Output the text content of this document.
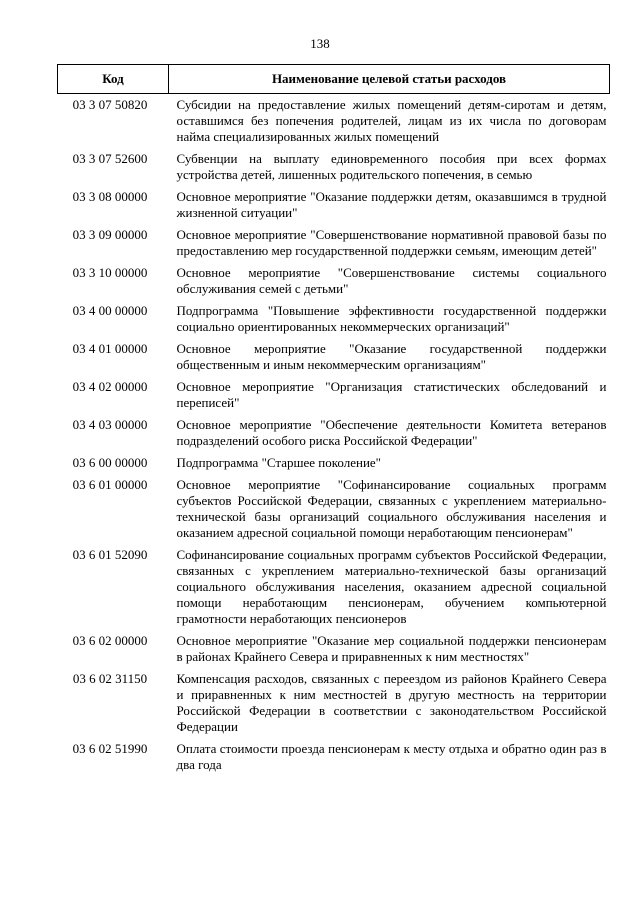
138
Код	Наименование целевой статьи расходов
03 3 07 50820	Субсидии на предоставление жилых помещений детям-сиротам и детям, оставшимся без попечения родителей, лицам из их числа по договорам найма специализированных жилых помещений
03 3 07 52600	Субвенции на выплату единовременного пособия при всех формах устройства детей, лишенных родительского попечения, в семью
03 3 08 00000	Основное мероприятие "Оказание поддержки детям, оказавшимся в трудной жизненной ситуации"
03 3 09 00000	Основное мероприятие "Совершенствование нормативной правовой базы по предоставлению мер государственной поддержки семьям, имеющим детей"
03 3 10 00000	Основное мероприятие "Совершенствование системы социального обслуживания семей с детьми"
03 4 00 00000	Подпрограмма "Повышение эффективности государственной поддержки социально ориентированных некоммерческих организаций"
03 4 01 00000	Основное мероприятие "Оказание государственной поддержки общественным и иным некоммерческим организациям"
03 4 02 00000	Основное мероприятие "Организация статистических обследований и переписей"
03 4 03 00000	Основное мероприятие "Обеспечение деятельности Комитета ветеранов подразделений особого риска Российской Федерации"
03 6 00 00000	Подпрограмма "Старшее поколение"
03 6 01 00000	Основное мероприятие "Софинансирование социальных программ субъектов Российской Федерации, связанных с укреплением материально-технической базы организаций социального обслуживания населения и оказанием адресной социальной помощи неработающим пенсионерам"
03 6 01 52090	Софинансирование социальных программ субъектов Российской Федерации, связанных с укреплением материально-технической базы организаций социального обслуживания населения, оказанием адресной социальной помощи неработающим пенсионерам, обучением компьютерной грамотности неработающих пенсионеров
03 6 02 00000	Основное мероприятие "Оказание мер социальной поддержки пенсионерам в районах Крайнего Севера и приравненных к ним местностях"
03 6 02 31150	Компенсация расходов, связанных с переездом из районов Крайнего Севера и приравненных к ним местностей в другую местность на территории Российской Федерации в соответствии с законодательством Российской Федерации
03 6 02 51990	Оплата стоимости проезда пенсионерам к месту отдыха и обратно один раз в два года
